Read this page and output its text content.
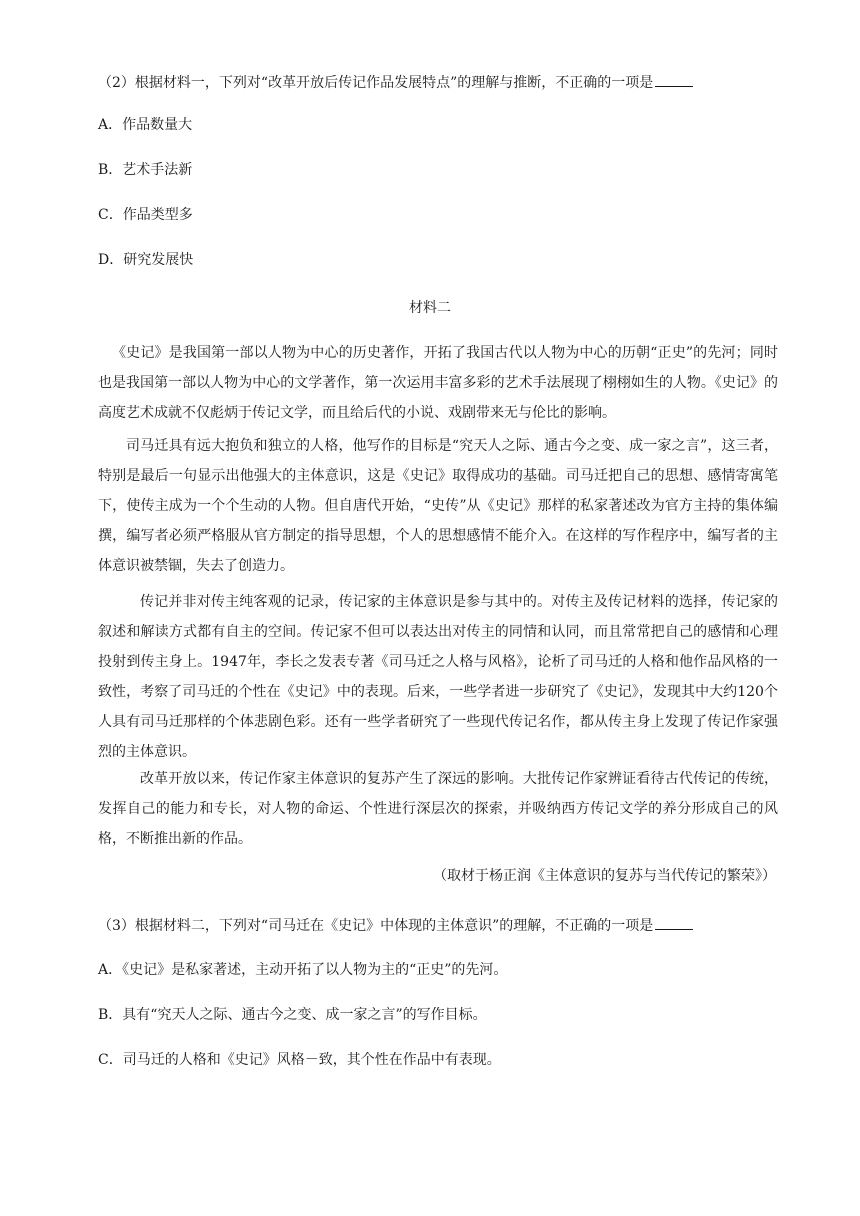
（2）根据材料一，下列对“改革开放后传记作品发展特点”的理解与推断，不正确的一项是
A．作品数量大
B．艺术手法新
C．作品类型多
D．研究发展快
材料二
《史记》是我国第一部以人物为中心的历史著作，开拓了我国古代以人物为中心的历朝“正史”的先河；同时也是我国第一部以人物为中心的文学著作，第一次运用丰富多彩的艺术手法展现了栩栩如生的人物。《史记》的高度艺术成就不仅彪炳于传记文学，而且给后代的小说、戏剧带来无与伦比的影响。
司马迁具有远大抱负和独立的人格，他写作的目标是“究天人之际、通古今之变、成一家之言”，这三者，特别是最后一句显示出他强大的主体意识，这是《史记》取得成功的基础。司马迁把自己的思想、感情寄寓笔下，使传主成为一个个生动的人物。但自唐代开始，“史传”从《史记》那样的私家著述改为官方主持的集体编撰，编写者必须严格服从官方制定的指导思想，个人的思想感情不能介入。在这样的写作程序中，编写者的主体意识被禁锢，失去了创造力。
传记并非对传主纯客观的记录，传记家的主体意识是参与其中的。对传主及传记材料的选择，传记家的叙述和解读方式都有自主的空间。传记家不但可以表达出对传主的同情和认同，而且常常把自己的感情和心理投射到传主身上。1947年，李长之发表专著《司马迁之人格与风格》，论析了司马迁的人格和他作品风格的一致性，考察了司马迁的个性在《史记》中的表现。后来，一些学者进一步研究了《史记》，发现其中大约120个人具有司马迁那样的个体悲剧色彩。还有一些学者研究了一些现代传记名作，都从传主身上发现了传记作家强烈的主体意识。
改革开放以来，传记作家主体意识的复苏产生了深远的影响。大批传记作家辨证看待古代传记的传统，发挥自己的能力和专长，对人物的命运、个性进行深层次的探索，并吸纳西方传记文学的养分形成自己的风格，不断推出新的作品。
（取材于杨正润《主体意识的复苏与当代传记的繁荣》）
（3）根据材料二，下列对“司马迁在《史记》中体现的主体意识”的理解，不正确的一项是
A．《史记》是私家著述，主动开拓了以人物为主的“正史”的先河。
B．具有“究天人之际、通古今之变、成一家之言”的写作目标。
C．司马迁的人格和《史记》风格－致，其个性在作品中有表现。
